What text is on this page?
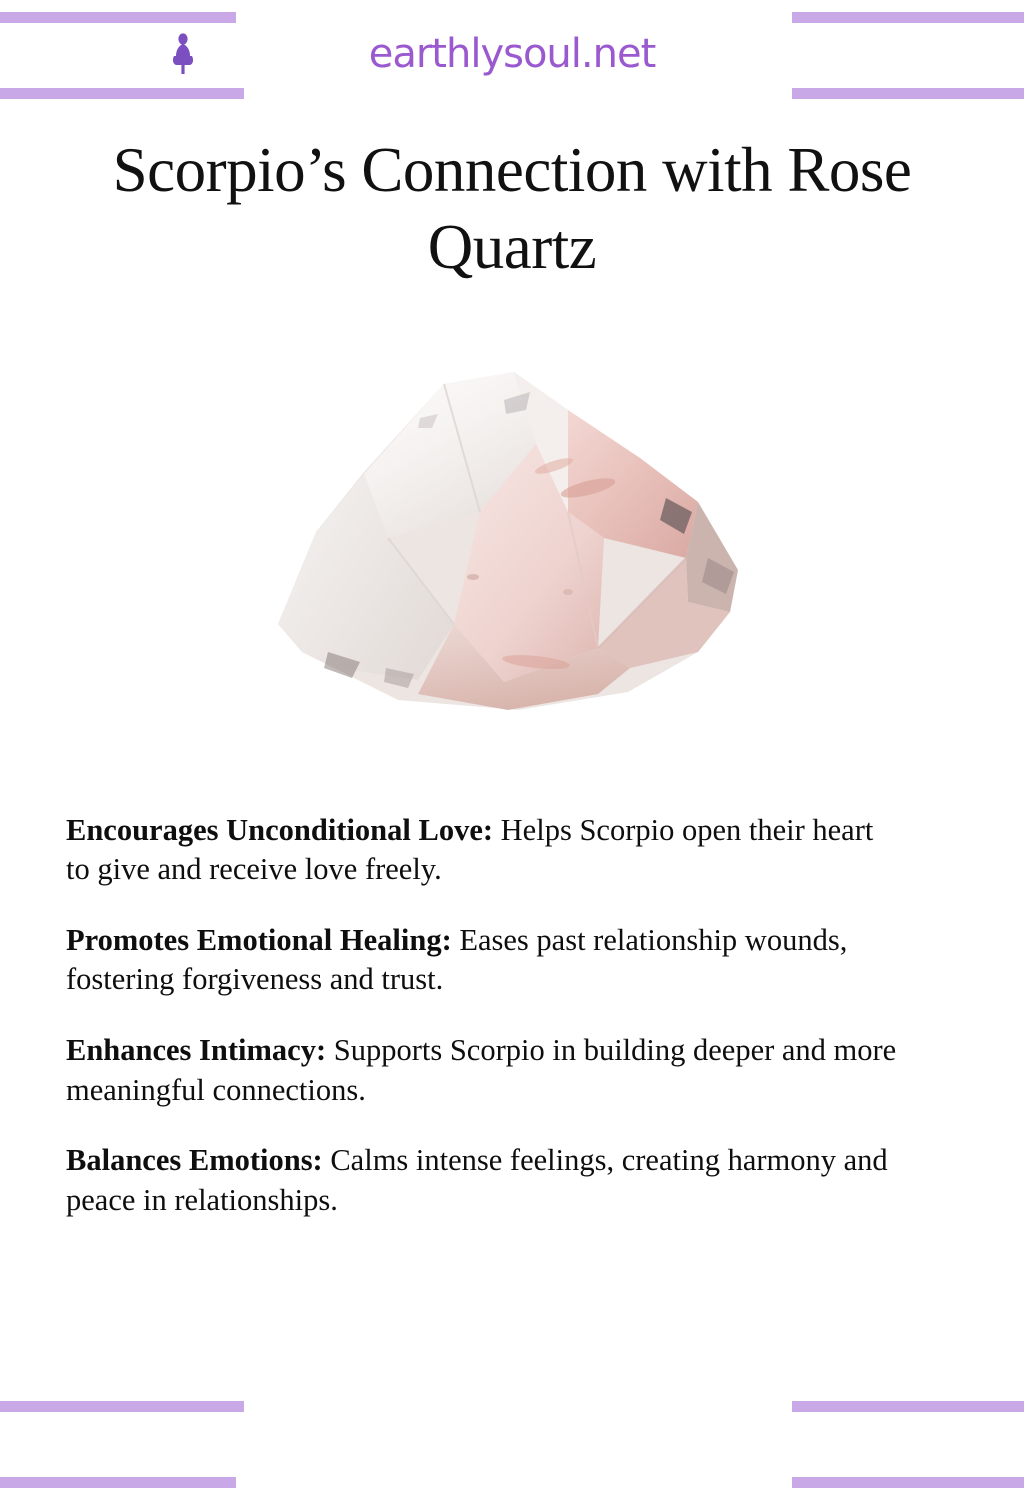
earthlysoul.net
Scorpio’s Connection with Rose Quartz

Encourages Unconditional Love: Helps Scorpio open their heart to give and receive love freely.

Promotes Emotional Healing: Eases past relationship wounds, fostering forgiveness and trust.

Enhances Intimacy: Supports Scorpio in building deeper and more meaningful connections.

Balances Emotions: Calms intense feelings, creating harmony and peace in relationships.
